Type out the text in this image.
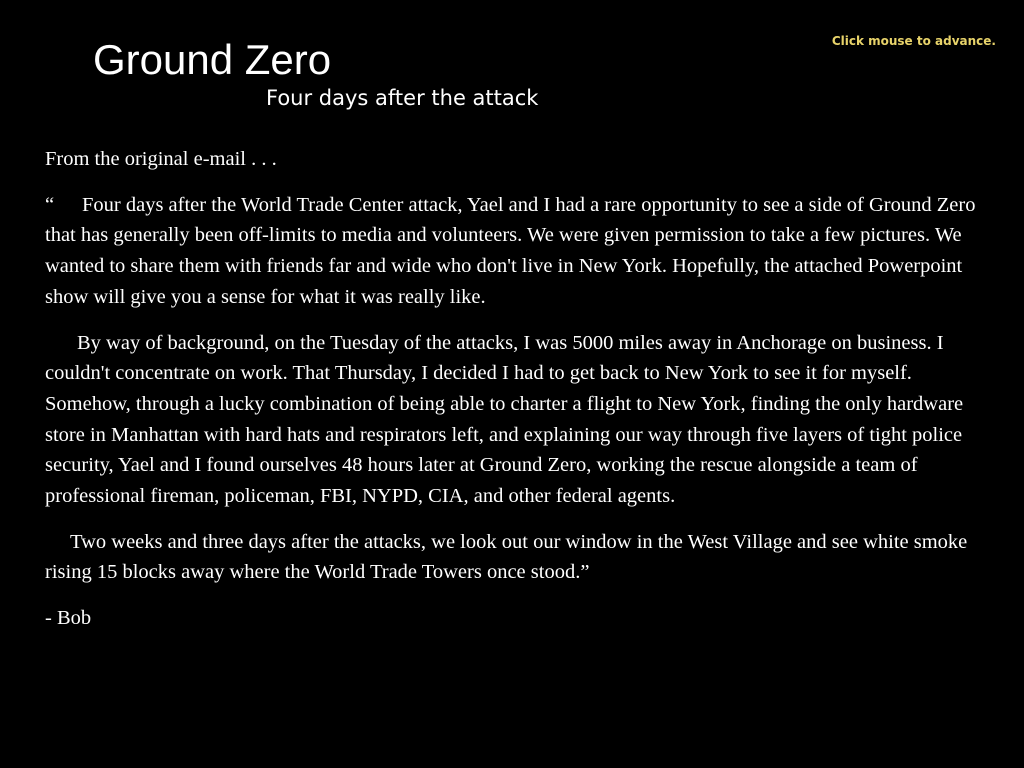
Ground Zero
Four days after the attack
Click mouse to advance.

From the original e-mail . . .

“ Four days after the World Trade Center attack, Yael and I had a rare opportunity to see a side of Ground Zero that has generally been off-limits to media and volunteers. We were given permission to take a few pictures. We wanted to share them with friends far and wide who don't live in New York. Hopefully, the attached Powerpoint show will give you a sense for what it was really like.

By way of background, on the Tuesday of the attacks, I was 5000 miles away in Anchorage on business. I couldn't concentrate on work. That Thursday, I decided I had to get back to New York to see it for myself. Somehow, through a lucky combination of being able to charter a flight to New York, finding the only hardware store in Manhattan with hard hats and respirators left, and explaining our way through five layers of tight police security, Yael and I found ourselves 48 hours later at Ground Zero, working the rescue alongside a team of professional fireman, policeman, FBI, NYPD, CIA, and other federal agents.

Two weeks and three days after the attacks, we look out our window in the West Village and see white smoke rising 15 blocks away where the World Trade Towers once stood.”

- Bob
